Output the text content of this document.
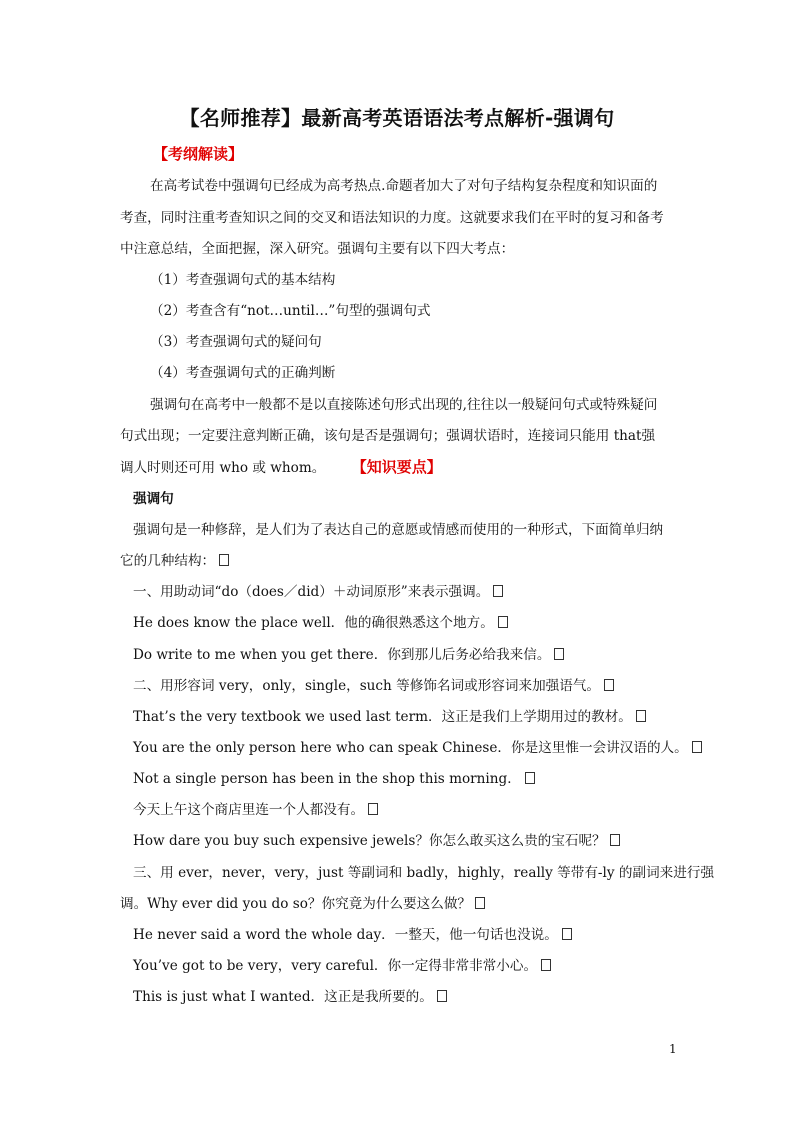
【名师推荐】最新高考英语语法考点解析-强调句
【考纲解读】
在高考试卷中强调句已经成为高考热点.命题者加大了对句子结构复杂程度和知识面的
考查，同时注重考查知识之间的交叉和语法知识的力度。这就要求我们在平时的复习和备考
中注意总结，全面把握，深入研究。强调句主要有以下四大考点：
（1）考查强调句式的基本结构
（2）考查含有“not…until…”句型的强调句式
（3）考查强调句式的疑问句
（4）考查强调句式的正确判断
强调句在高考中一般都不是以直接陈述句形式出现的,往往以一般疑问句式或特殊疑问
句式出现；一定要注意判断正确，该句是否是强调句；强调状语时，连接词只能用 that强
调人时则还可用 who 或 whom。 【知识要点】
强调句
强调句是一种修辞，是人们为了表达自己的意愿或情感而使用的一种形式，下面简单归纳
它的几种结构：
一、用助动词“do（does／did）＋动词原形”来表示强调。
He does know the place well．他的确很熟悉这个地方。
Do write to me when you get there．你到那儿后务必给我来信。
二、用形容词 very，only，single，such 等修饰名词或形容词来加强语气。
That’s the very textbook we used last term．这正是我们上学期用过的教材。
You are the only person here who can speak Chinese．你是这里惟一会讲汉语的人。
Not a single person has been in the shop this morning．
今天上午这个商店里连一个人都没有。
How dare you buy such expensive jewels？你怎么敢买这么贵的宝石呢？
三、用 ever，never，very，just 等副词和 badly，highly，really 等带有-ly 的副词来进行强
调。Why ever did you do so？你究竟为什么要这么做？
He never said a word the whole day．一整天，他一句话也没说。
You’ve got to be very，very careful．你一定得非常非常小心。
This is just what I wanted．这正是我所要的。
1
